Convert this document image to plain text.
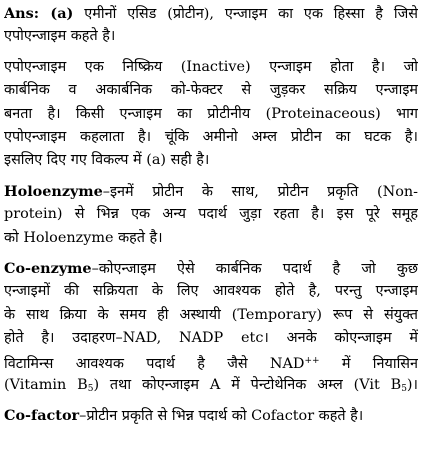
Ans: (a) एमीनों एसिड (प्रोटीन), एन्जाइम का एक हिस्सा है जिसे
एपोएन्जाइम कहते है।
एपोएन्जाइम एक निष्क्रिय (Inactive) एन्जाइम होता है। जो
कार्बनिक व अकार्बनिक को-फेक्टर से जुड़कर सक्रिय एन्जाइम
बनता है। किसी एन्जाइम का प्रोटीनीय (Proteinaceous) भाग
एपोएन्जाइम कहलाता है। चूंकि अमीनो अम्ल प्रोटीन का घटक है।
इसलिए दिए गए विकल्प में (a) सही है।
Holoenzyme–इनमें प्रोटीन के साथ, प्रोटीन प्रकृति (Non-
protein) से भिन्न एक अन्य पदार्थ जुड़ा रहता है। इस पूरे समूह
को Holoenzyme कहते है।
Co-enzyme–कोएन्जाइम ऐसे कार्बनिक पदार्थ है जो कुछ
एन्जाइमों की सक्रियता के लिए आवश्यक होते है, परन्तु एन्जाइम
के साथ क्रिया के समय ही अस्थायी (Temporary) रूप से संयुक्त
होते है। उदाहरण–NAD, NADP etc। अनके कोएन्जाइम में
विटामिन्स आवश्यक पदार्थ है जैसे NAD++ में नियासिन
(Vitamin $B_5$) तथा कोएन्जाइम A में पेन्टोथेनिक अम्ल (Vit $B_5)।$
Co-factor–प्रोटीन प्रकृति से भिन्न पदार्थ को Cofactor कहते है।
